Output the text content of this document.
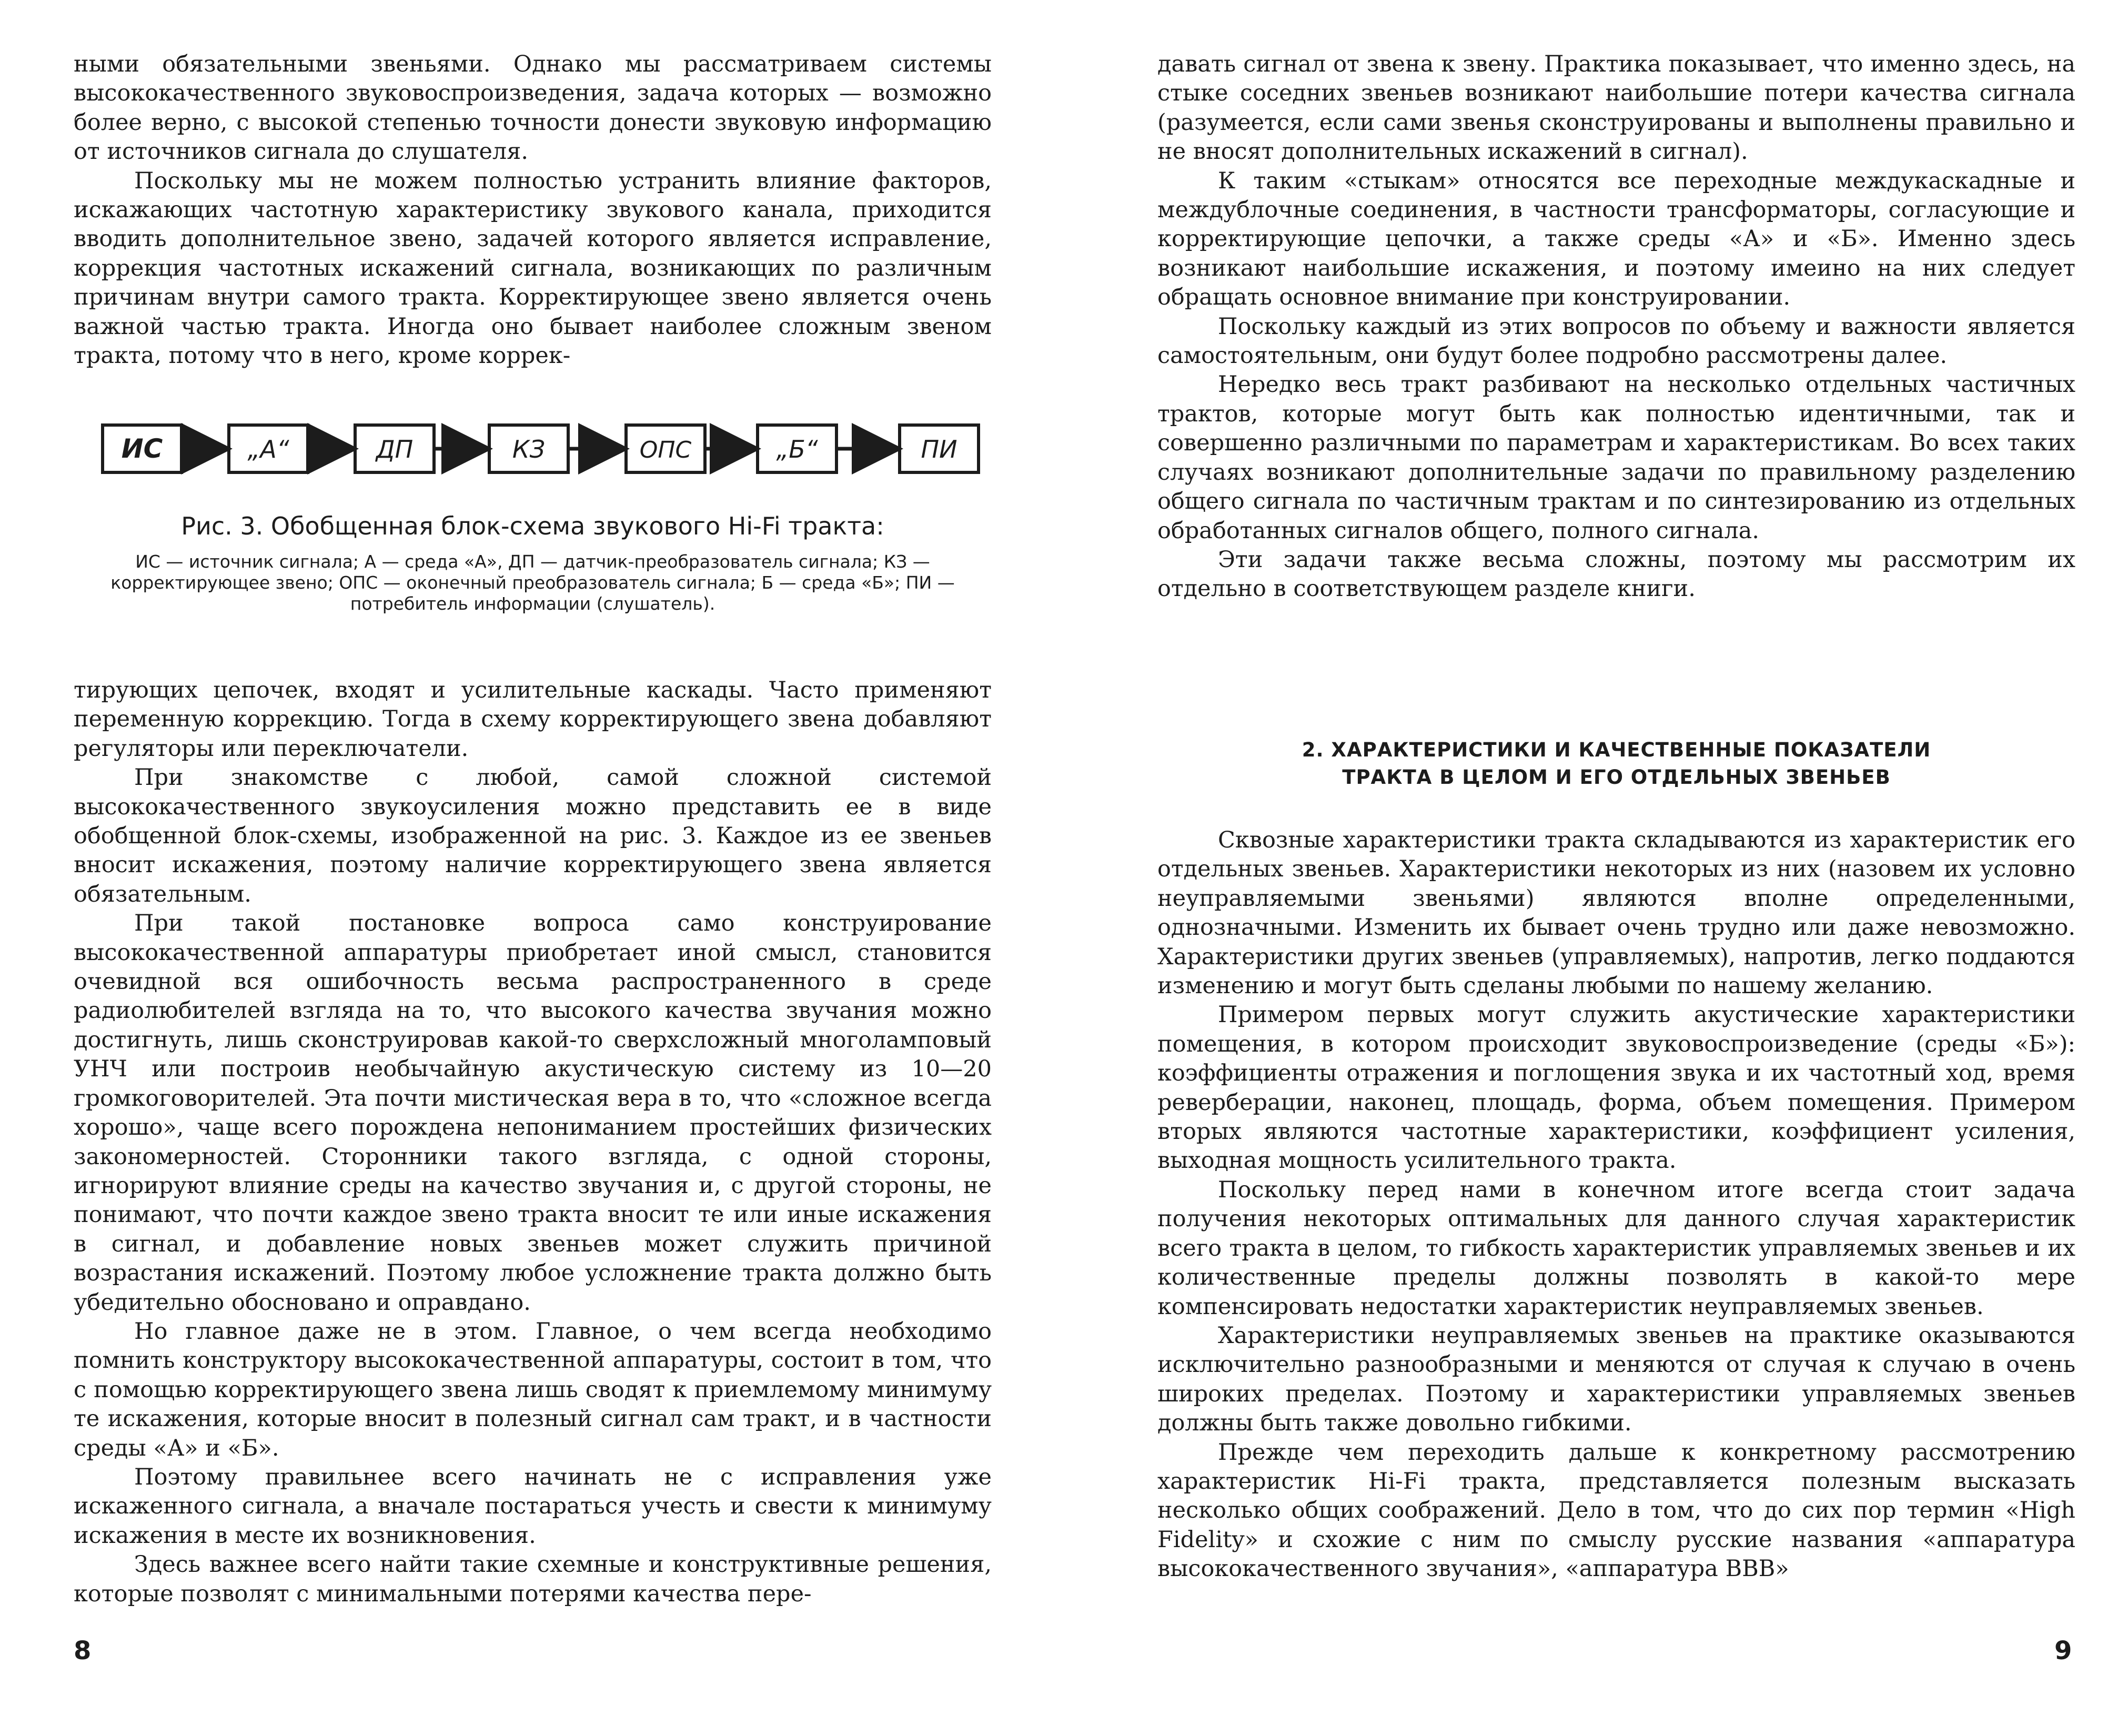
ными обязательными звеньями. Однако мы рассматриваем системы высококачественного звуковоспроизведения, задача которых — возможно более верно, с высокой степенью точности донести звуковую информацию от источников сигнала до слушателя.

Поскольку мы не можем полностью устранить влияние факторов, искажающих частотную характеристику звукового канала, приходится вводить дополнительное звено, задачей которого является исправление, коррекция частотных искажений сигнала, возникающих по различным причинам внутри самого тракта. Корректирующее звено является очень важной частью тракта. Иногда оно бывает наиболее сложным звеном тракта, потому что в него, кроме коррек-

ИС	„А“	ДП	КЗ	ОПС	„Б“	ПИ
Рис. 3. Обобщенная блок-схема звукового Hi-Fi тракта:
ИС — источник сигнала; А — среда «А», ДП — датчик-преобразователь сигнала; КЗ — корректирующее звено; ОПС — оконечный преобразователь сигнала; Б — среда «Б»; ПИ — потребитель информации (слушатель).

тирующих цепочек, входят и усилительные каскады. Часто применяют переменную коррекцию. Тогда в схему корректирующего звена добавляют регуляторы или переключатели.

При знакомстве с любой, самой сложной системой высококачественного звукоусиления можно представить ее в виде обобщенной блок-схемы, изображенной на рис. 3. Каждое из ее звеньев вносит искажения, поэтому наличие корректирующего звена является обязательным.

При такой постановке вопроса само конструирование высококачественной аппаратуры приобретает иной смысл, становится очевидной вся ошибочность весьма распространенного в среде радиолюбителей взгляда на то, что высокого качества звучания можно достигнуть, лишь сконструировав какой-то сверхсложный многоламповый УНЧ или построив необычайную акустическую систему из 10—20 громкоговорителей. Эта почти мистическая вера в то, что «сложное всегда хорошо», чаще всего порождена непониманием простейших физических закономерностей. Сторонники такого взгляда, с одной стороны, игнорируют влияние среды на качество звучания и, с другой стороны, не понимают, что почти каждое звено тракта вносит те или иные искажения в сигнал, и добавление новых звеньев может служить причиной возрастания искажений. Поэтому любое усложнение тракта должно быть убедительно обосновано и оправдано.

Но главное даже не в этом. Главное, о чем всегда необходимо помнить конструктору высококачественной аппаратуры, состоит в том, что с помощью корректирующего звена лишь сводят к приемлемому минимуму те искажения, которые вносит в полезный сигнал сам тракт, и в частности среды «А» и «Б».

Поэтому правильнее всего начинать не с исправления уже искаженного сигнала, а вначале постараться учесть и свести к минимуму искажения в месте их возникновения.

Здесь важнее всего найти такие схемные и конструктивные решения, которые позволят с минимальными потерями качества пере-

8

давать сигнал от звена к звену. Практика показывает, что именно здесь, на стыке соседних звеньев возникают наибольшие потери качества сигнала (разумеется, если сами звенья сконструированы и выполнены правильно и не вносят дополнительных искажений в сигнал).

К таким «стыкам» относятся все переходные междукаскадные и междублочные соединения, в частности трансформаторы, согласующие и корректирующие цепочки, а также среды «А» и «Б». Именно здесь возникают наибольшие искажения, и поэтому имеино на них следует обращать основное внимание при конструировании.

Поскольку каждый из этих вопросов по объему и важности является самостоятельным, они будут более подробно рассмотрены далее.

Нередко весь тракт разбивают на несколько отдельных частичных трактов, которые могут быть как полностью идентичными, так и совершенно различными по параметрам и характеристикам. Во всех таких случаях возникают дополнительные задачи по правильному разделению общего сигнала по частичным трактам и по синтезированию из отдельных обработанных сигналов общего, полного сигнала.

Эти задачи также весьма сложны, поэтому мы рассмотрим их отдельно в соответствующем разделе книги.

2. ХАРАКТЕРИСТИКИ И КАЧЕСТВЕННЫЕ ПОКАЗАТЕЛИ
ТРАКТА В ЦЕЛОМ И ЕГО ОТДЕЛЬНЫХ ЗВЕНЬЕВ

Сквозные характеристики тракта складываются из характеристик его отдельных звеньев. Характеристики некоторых из них (назовем их условно неуправляемыми звеньями) являются вполне определенными, однозначными. Изменить их бывает очень трудно или даже невозможно. Характеристики других звеньев (управляемых), напротив, легко поддаются изменению и могут быть сделаны любыми по нашему желанию.

Примером первых могут служить акустические характеристики помещения, в котором происходит звуковоспроизведение (среды «Б»): коэффициенты отражения и поглощения звука и их частотный ход, время реверберации, наконец, площадь, форма, объем помещения. Примером вторых являются частотные характеристики, коэффициент усиления, выходная мощность усилительного тракта.

Поскольку перед нами в конечном итоге всегда стоит задача получения некоторых оптимальных для данного случая характеристик всего тракта в целом, то гибкость характеристик управляемых звеньев и их количественные пределы должны позволять в какой-то мере компенсировать недостатки характеристик неуправляемых звеньев.

Характеристики неуправляемых звеньев на практике оказываются исключительно разнообразными и меняются от случая к случаю в очень широких пределах. Поэтому и характеристики управляемых звеньев должны быть также довольно гибкими.

Прежде чем переходить дальше к конкретному рассмотрению характеристик Hi-Fi тракта, представляется полезным высказать несколько общих соображений. Дело в том, что до сих пор термин «High Fidelity» и схожие с ним по смыслу русские названия «аппаратура высококачественного звучания», «аппаратура ВВВ»

9
